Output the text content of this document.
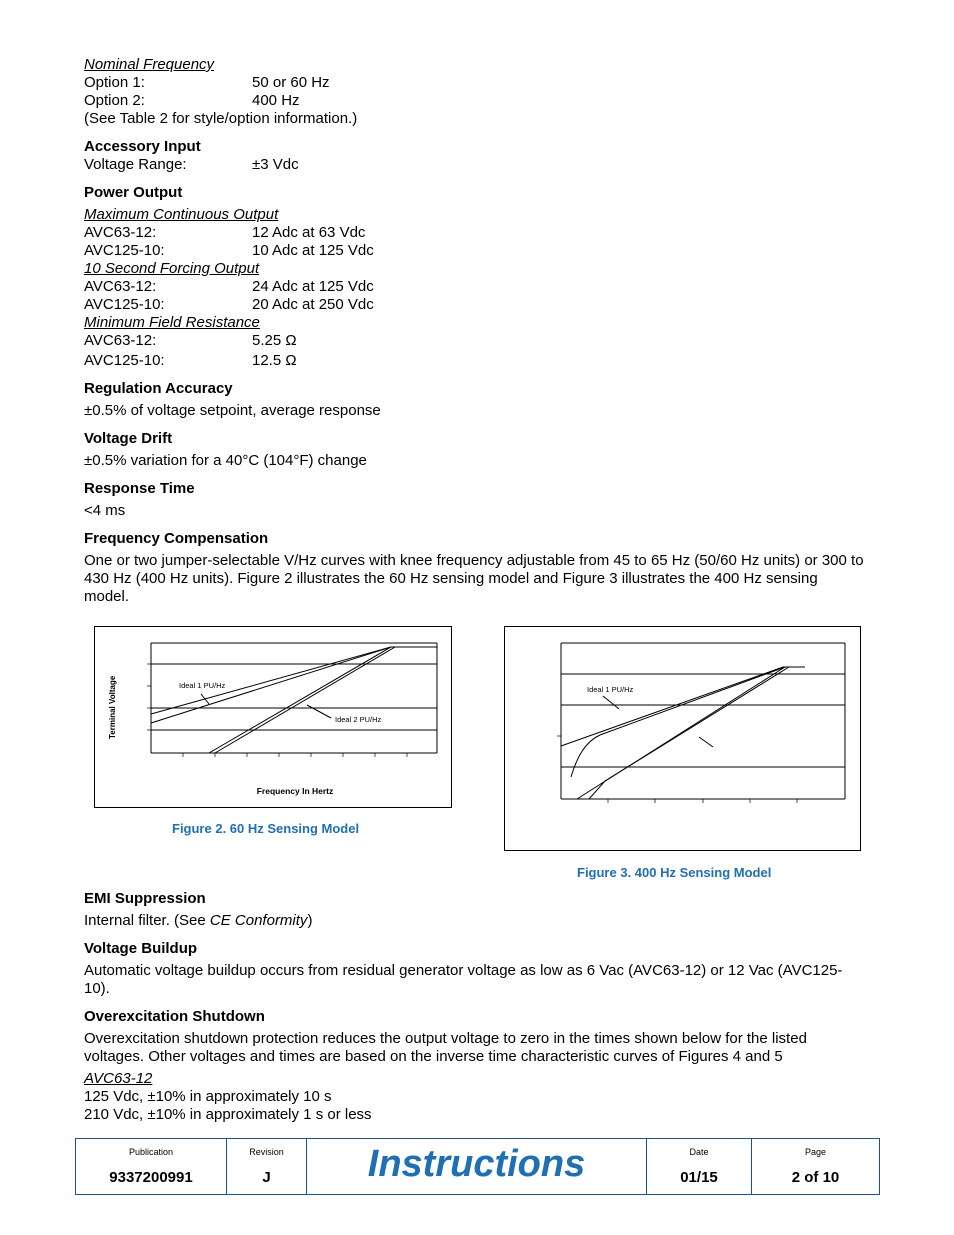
Nominal Frequency
Option 1:	50 or 60 Hz
Option 2:	400 Hz
(See Table 2 for style/option information.)
Accessory Input
Voltage Range:	±3 Vdc
Power Output
Maximum Continuous Output
AVC63-12:	12 Adc at 63 Vdc
AVC125-10:	10 Adc at 125 Vdc
10 Second Forcing Output
AVC63-12:	24 Adc at 125 Vdc
AVC125-10:	20 Adc at 250 Vdc
Minimum Field Resistance
AVC63-12:	5.25 Ω
AVC125-10:	12.5 Ω
Regulation Accuracy
±0.5% of voltage setpoint, average response
Voltage Drift
±0.5% variation for a 40°C (104°F) change
Response Time
<4 ms
Frequency Compensation
One or two jumper-selectable V/Hz curves with knee frequency adjustable from 45 to 65 Hz (50/60 Hz units) or 300 to 430 Hz (400 Hz units). Figure 2 illustrates the 60 Hz sensing model and Figure 3 illustrates the 400 Hz sensing model.
Ideal 1 PU/Hz
Ideal 2 PU/Hz
Terminal Voltage
Frequency In Hertz
Figure 2. 60 Hz Sensing Model
Ideal 1 PU/Hz
Figure 3. 400 Hz Sensing Model
EMI Suppression
Internal filter. (See CE Conformity)
Voltage Buildup
Automatic voltage buildup occurs from residual generator voltage as low as 6 Vac (AVC63-12) or 12 Vac (AVC125-10).
Overexcitation Shutdown
Overexcitation shutdown protection reduces the output voltage to zero in the times shown below for the listed voltages. Other voltages and times are based on the inverse time characteristic curves of Figures 4 and 5
AVC63-12
125 Vdc, ±10% in approximately 10 s
210 Vdc, ±10% in approximately 1 s or less
Publication
9337200991
Revision
J	Instructions	Date
01/15
Page
2 of 10
